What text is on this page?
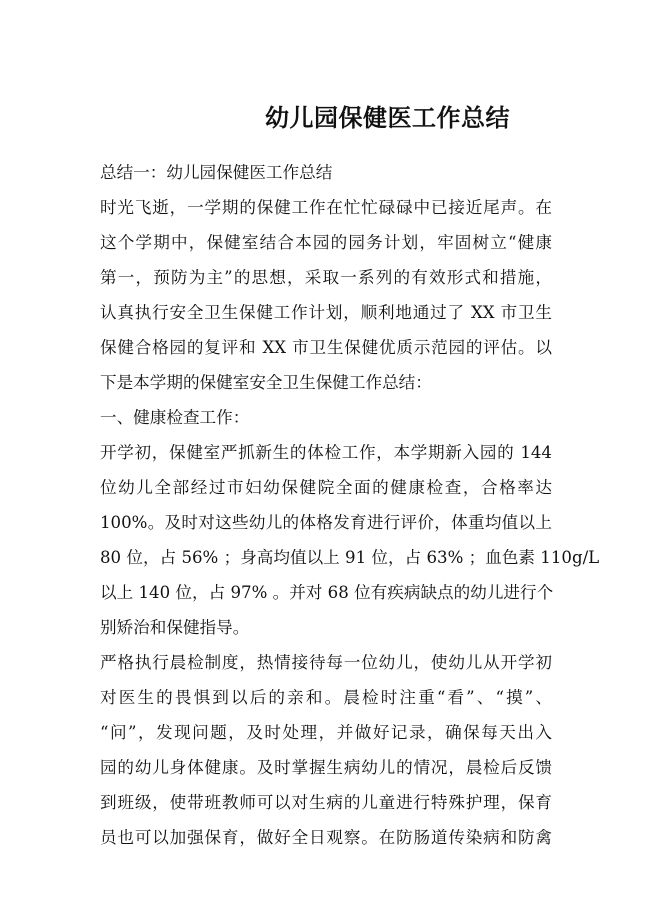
幼儿园保健医工作总结
总结一：幼儿园保健医工作总结
时光飞逝，一学期的保健工作在忙忙碌碌中已接近尾声。在
这个学期中，保健室结合本园的园务计划，牢固树立“健康
第一，预防为主”的思想，采取一系列的有效形式和措施，
认真执行安全卫生保健工作计划，顺利地通过了 XX 市卫生
保健合格园的复评和 XX 市卫生保健优质示范园的评估。以
下是本学期的保健室安全卫生保健工作总结：
一、健康检查工作：
开学初，保健室严抓新生的体检工作，本学期新入园的 144
位幼儿全部经过市妇幼保健院全面的健康检查，合格率达
100%。及时对这些幼儿的体格发育进行评价，体重均值以上
80 位，占 56% ；身高均值以上 91 位，占 63% ；血色素 110g/L
以上 140 位，占 97% 。并对 68 位有疾病缺点的幼儿进行个
别矫治和保健指导。
严格执行晨检制度，热情接待每一位幼儿，使幼儿从开学初
对医生的畏惧到以后的亲和。晨检时注重“看”、“摸”、
“问”，发现问题，及时处理，并做好记录，确保每天出入
园的幼儿身体健康。及时掌握生病幼儿的情况，晨检后反馈
到班级，使带班教师可以对生病的儿童进行特殊护理，保育
员也可以加强保育，做好全日观察。在防肠道传染病和防禽
